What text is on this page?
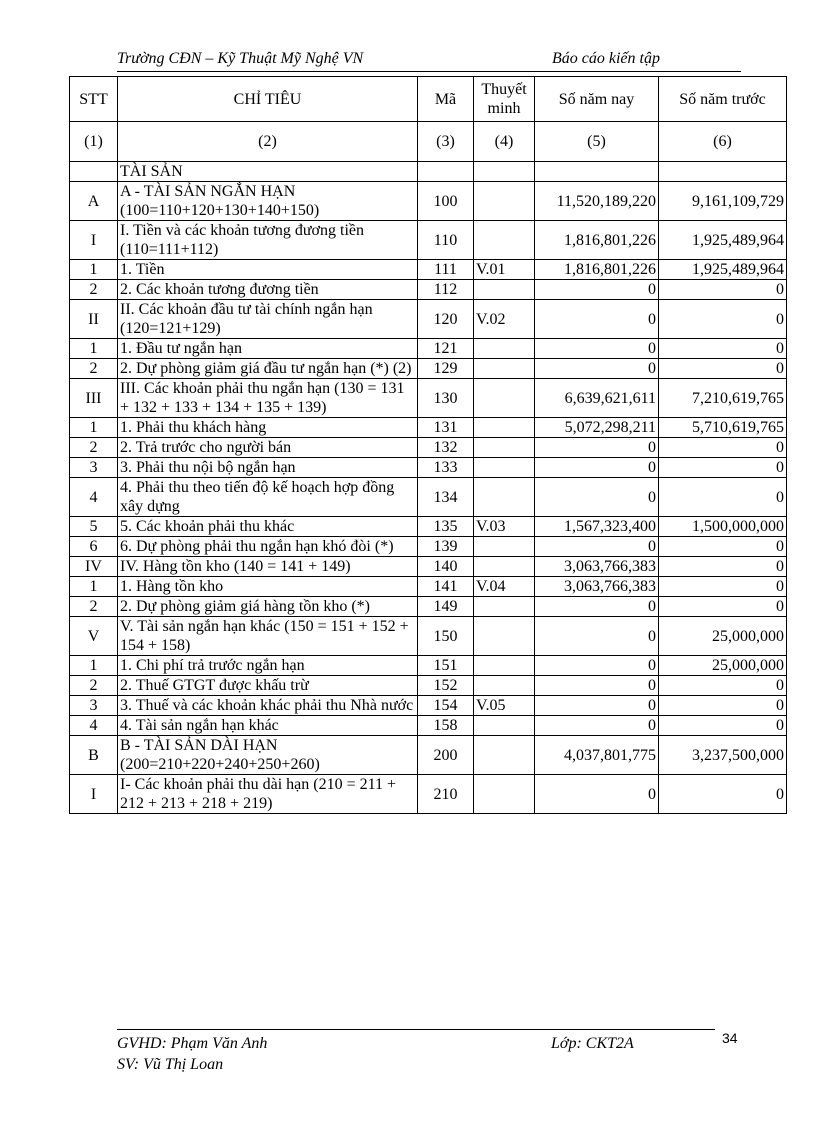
Trường CĐN – Kỹ Thuật Mỹ Nghệ VN	Báo cáo kiến tập
STT	CHỈ TIÊU	Mã	Thuyết minh	Số năm nay	Số năm trước
(1)	(2)	(3)	(4)	(5)	(6)
	TÀI SẢN				
A	A - TÀI SẢN NGẮN HẠN (100=110+120+130+140+150)	100		11,520,189,220	9,161,109,729
I	I. Tiền và các khoản tương đương tiền (110=111+112)	110		1,816,801,226	1,925,489,964
1	1. Tiền	111	V.01	1,816,801,226	1,925,489,964
2	2. Các khoản tương đương tiền	112		0	0
II	II. Các khoản đầu tư tài chính ngắn hạn (120=121+129)	120	V.02	0	0
1	1. Đầu tư ngắn hạn	121		0	0
2	2. Dự phòng giảm giá đầu tư ngắn hạn (*) (2)	129		0	0
III	III. Các khoản phải thu ngắn hạn (130 = 131 + 132 + 133 + 134 + 135 + 139)	130		6,639,621,611	7,210,619,765
1	1. Phải thu khách hàng	131		5,072,298,211	5,710,619,765
2	2. Trả trước cho người bán	132		0	0
3	3. Phải thu nội bộ ngắn hạn	133		0	0
4	4. Phải thu theo tiến độ kế hoạch hợp đồng xây dựng	134		0	0
5	5. Các khoản phải thu khác	135	V.03	1,567,323,400	1,500,000,000
6	6. Dự phòng phải thu ngắn hạn khó đòi (*)	139		0	0
IV	IV. Hàng tồn kho (140 = 141 + 149)	140		3,063,766,383	0
1	1. Hàng tồn kho	141	V.04	3,063,766,383	0
2	2. Dự phòng giảm giá hàng tồn kho (*)	149		0	0
V	V. Tài sản ngắn hạn khác (150 = 151 + 152 + 154 + 158)	150		0	25,000,000
1	1. Chi phí trả trước ngắn hạn	151		0	25,000,000
2	2. Thuế GTGT được khấu trừ	152		0	0
3	3. Thuế và các khoản khác phải thu Nhà nước	154	V.05	0	0
4	4. Tài sản ngắn hạn khác	158		0	0
B	B - TÀI SẢN DÀI HẠN (200=210+220+240+250+260)	200		4,037,801,775	3,237,500,000
I	I- Các khoản phải thu dài hạn (210 = 211 + 212 + 213 + 218 + 219)	210		0	0
GVHD: Phạm Văn Anh
SV: Vũ Thị Loan
Lớp: CKT2A	34
